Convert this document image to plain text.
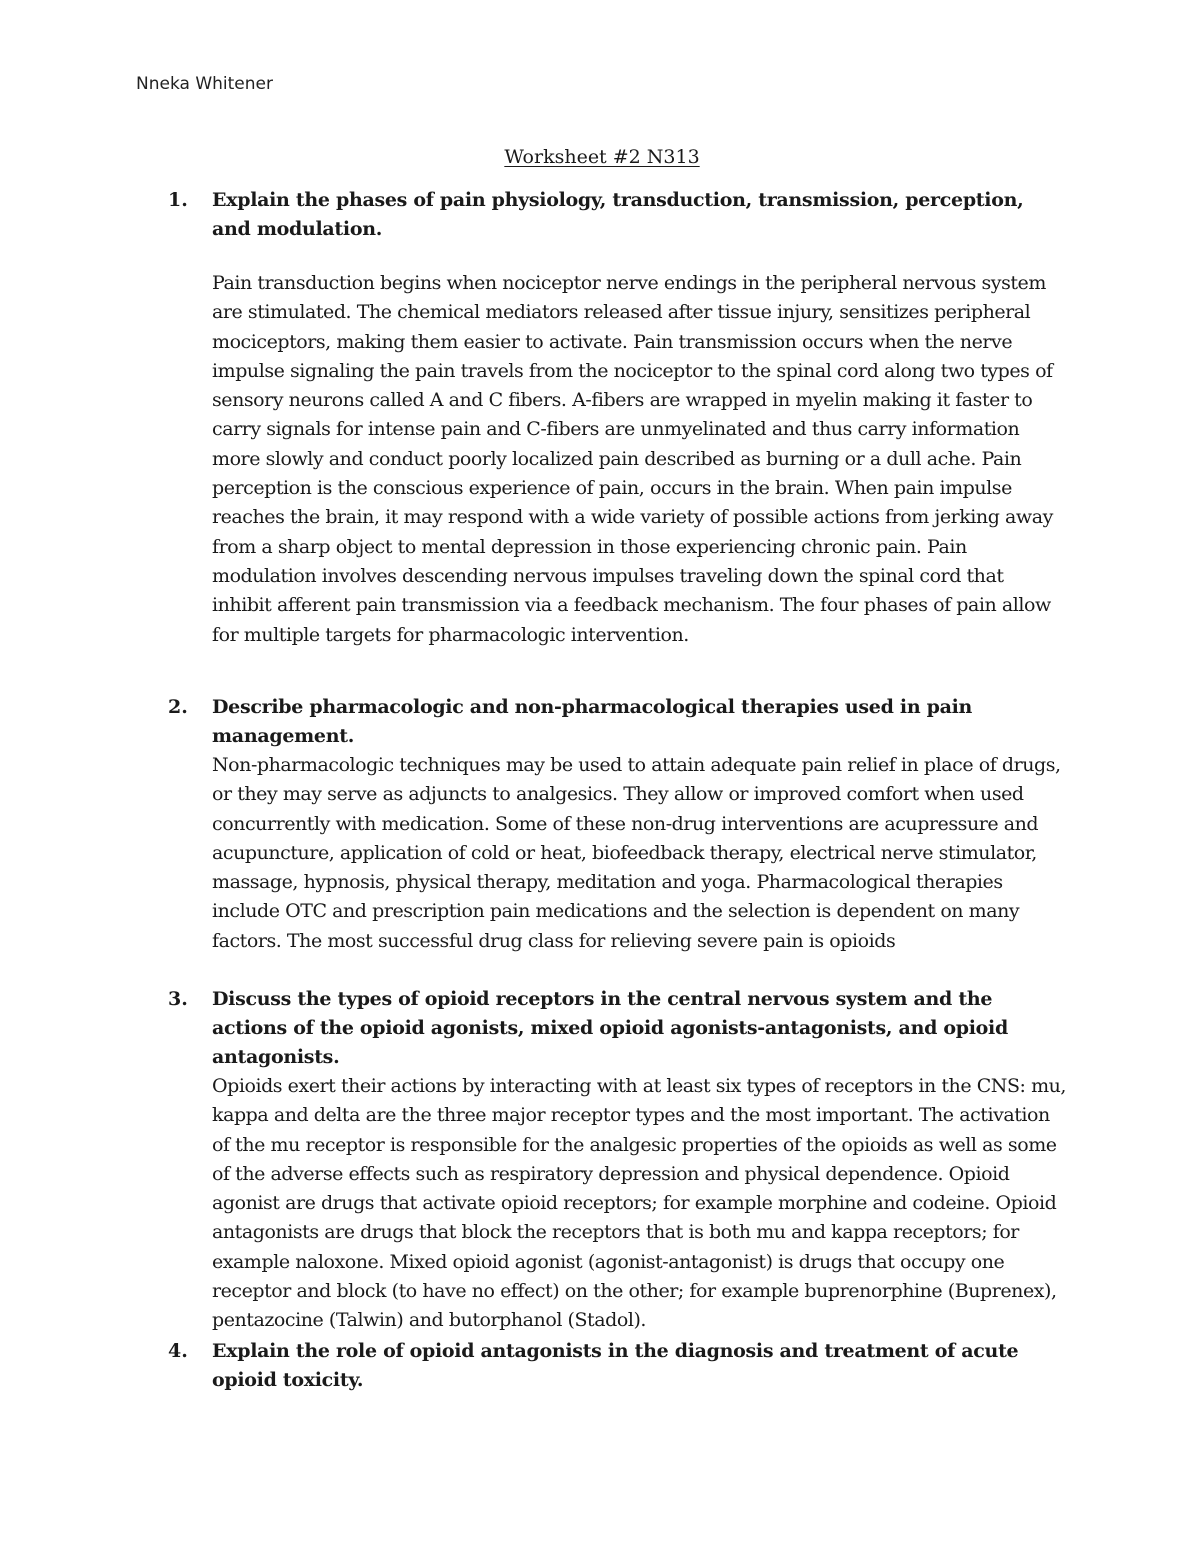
Nneka Whitener
Worksheet #2 N313
1.	Explain the phases of pain physiology, transduction, transmission, perception, and modulation.
Pain transduction begins when nociceptor nerve endings in the peripheral nervous system are stimulated. The chemical mediators released after tissue injury, sensitizes peripheral mociceptors, making them easier to activate. Pain transmission occurs when the nerve impulse signaling the pain travels from the nociceptor to the spinal cord along two types of sensory neurons called A and C fibers. A-fibers are wrapped in myelin making it faster to carry signals for intense pain and C-fibers are unmyelinated and thus carry information more slowly and conduct poorly localized pain described as burning or a dull ache. Pain perception is the conscious experience of pain, occurs in the brain. When pain impulse reaches the brain, it may respond with a wide variety of possible actions from jerking away from a sharp object to mental depression in those experiencing chronic pain. Pain modulation involves descending nervous impulses traveling down the spinal cord that inhibit afferent pain transmission via a feedback mechanism. The four phases of pain allow for multiple targets for pharmacologic intervention.
2.	Describe pharmacologic and non-pharmacological therapies used in pain management.
Non-pharmacologic techniques may be used to attain adequate pain relief in place of drugs, or they may serve as adjuncts to analgesics. They allow or improved comfort when used concurrently with medication. Some of these non-drug interventions are acupressure and acupuncture, application of cold or heat, biofeedback therapy, electrical nerve stimulator, massage, hypnosis, physical therapy, meditation and yoga. Pharmacological therapies include OTC and prescription pain medications and the selection is dependent on many factors. The most successful drug class for relieving severe pain is opioids
3.	Discuss the types of opioid receptors in the central nervous system and the actions of the opioid agonists, mixed opioid agonists-antagonists, and opioid antagonists.
Opioids exert their actions by interacting with at least six types of receptors in the CNS: mu, kappa and delta are the three major receptor types and the most important. The activation of the mu receptor is responsible for the analgesic properties of the opioids as well as some of the adverse effects such as respiratory depression and physical dependence. Opioid agonist are drugs that activate opioid receptors; for example morphine and codeine. Opioid antagonists are drugs that block the receptors that is both mu and kappa receptors; for example naloxone. Mixed opioid agonist (agonist-antagonist) is drugs that occupy one receptor and block (to have no effect) on the other; for example buprenorphine (Buprenex), pentazocine (Talwin) and butorphanol (Stadol).
4.	Explain the role of opioid antagonists in the diagnosis and treatment of acute opioid toxicity.
